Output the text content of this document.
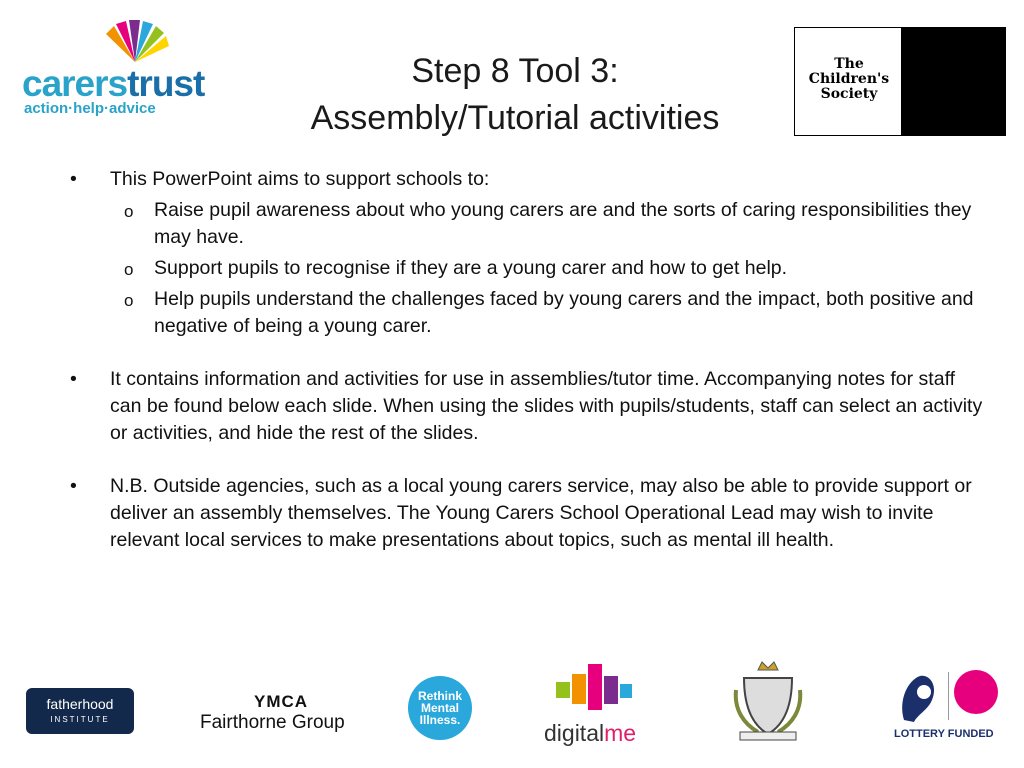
carerstrust
action·help·advice
Step 8 Tool 3:
Assembly/Tutorial activities
The
Children's
Society
• This PowerPoint aims to support schools to:
o Raise pupil awareness about who young carers are and the sorts of caring responsibilities they may have.
o Support pupils to recognise if they are a young carer and how to get help.
o Help pupils understand the challenges faced by young carers and the impact, both positive and negative of being a young carer.
• It contains information and activities for use in assemblies/tutor time. Accompanying notes for staff can be found below each slide. When using the slides with pupils/students, staff can select an activity or activities, and hide the rest of the slides.
• N.B. Outside agencies, such as a local young carers service, may also be able to provide support or deliver an assembly themselves. The Young Carers School Operational Lead may wish to invite relevant local services to make presentations about topics, such as mental ill health.
fatherhood
INSTITUTE
YMCA
Fairthorne Group
Rethink
Mental
Illness.	digitalme	LOTTERY FUNDED
